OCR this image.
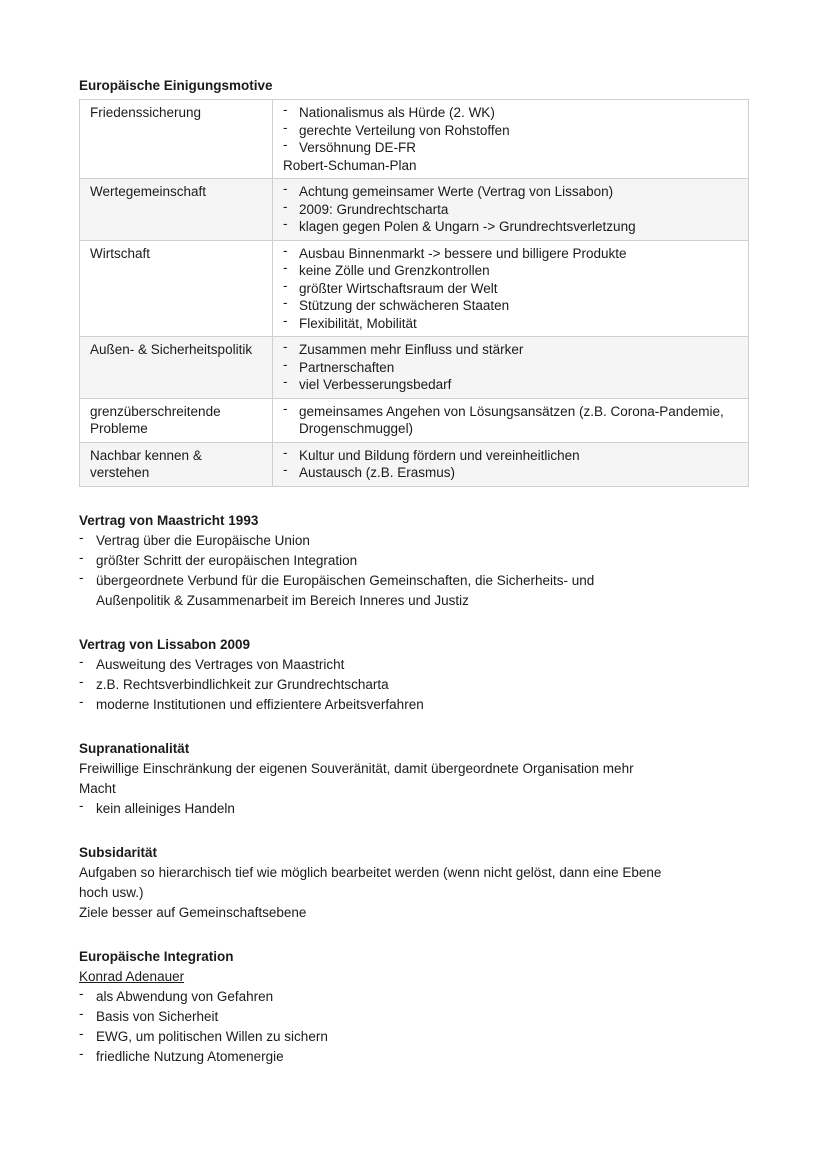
Europäische Einigungsmotive
Friedenssicherung	- Nationalismus als Hürde (2. WK)
- gerechte Verteilung von Rohstoffen
- Versöhnung DE-FR
Robert-Schuman-Plan

Wertegemeinschaft	- Achtung gemeinsamer Werte (Vertrag von Lissabon)
- 2009: Grundrechtscharta
- klagen gegen Polen & Ungarn -> Grundrechtsverletzung

Wirtschaft	- Ausbau Binnenmarkt -> bessere und billigere Produkte
- keine Zölle und Grenzkontrollen
- größter Wirtschaftsraum der Welt
- Stützung der schwächeren Staaten
- Flexibilität, Mobilität

Außen- & Sicherheitspolitik	- Zusammen mehr Einfluss und stärker
- Partnerschaften
- viel Verbesserungsbedarf

grenzüberschreitende Probleme	- gemeinsames Angehen von Lösungsansätzen (z.B. Corona-Pandemie,
Drogenschmuggel)

Nachbar kennen & verstehen	- Kultur und Bildung fördern und vereinheitlichen
- Austausch (z.B. Erasmus)
Vertrag von Maastricht 1993
- Vertrag über die Europäische Union
- größter Schritt der europäischen Integration
- übergeordnete Verbund für die Europäischen Gemeinschaften, die Sicherheits- und
Außenpolitik & Zusammenarbeit im Bereich Inneres und Justiz
Vertrag von Lissabon 2009
- Ausweitung des Vertrages von Maastricht
- z.B. Rechtsverbindlichkeit zur Grundrechtscharta
- moderne Institutionen und effizientere Arbeitsverfahren
Supranationalität
Freiwillige Einschränkung der eigenen Souveränität, damit übergeordnete Organisation mehr
Macht
- kein alleiniges Handeln
Subsidarität
Aufgaben so hierarchisch tief wie möglich bearbeitet werden (wenn nicht gelöst, dann eine Ebene
hoch usw.)
Ziele besser auf Gemeinschaftsebene
Europäische Integration
Konrad Adenauer
- als Abwendung von Gefahren
- Basis von Sicherheit
- EWG, um politischen Willen zu sichern
- friedliche Nutzung Atomenergie
